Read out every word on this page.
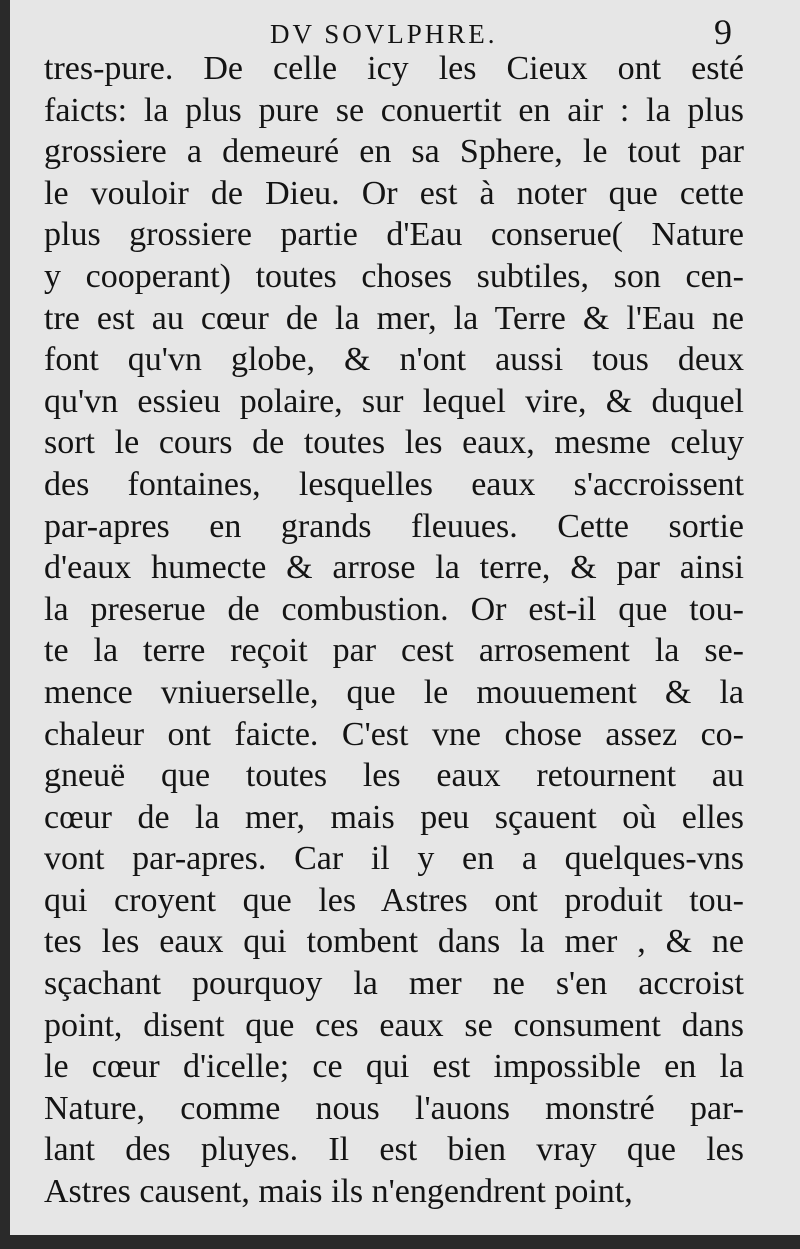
DV SOVLPHRE.	9
tres-pure. De celle icy les Cieux ont esté
faicts: la plus pure se conuertit en air : la plus
grossiere a demeuré en sa Sphere, le tout par
le vouloir de Dieu. Or est à noter que cette
plus grossiere partie d'Eau conserue( Nature
y cooperant) toutes choses subtiles, son cen-
tre est au cœur de la mer, la Terre & l'Eau ne
font qu'vn globe, & n'ont aussi tous deux
qu'vn essieu polaire, sur lequel vire, & duquel
sort le cours de toutes les eaux, mesme celuy
des fontaines, lesquelles eaux s'accroissent
par-apres en grands fleuues. Cette sortie
d'eaux humecte & arrose la terre, & par ainsi
la preserue de combustion. Or est-il que tou-
te la terre reçoit par cest arrosement la se-
mence vniuerselle, que le mouuement & la
chaleur ont faicte. C'est vne chose assez co-
gneuë que toutes les eaux retournent au
cœur de la mer, mais peu sçauent où elles
vont par-apres. Car il y en a quelques-vns
qui croyent que les Astres ont produit tou-
tes les eaux qui tombent dans la mer , & ne
sçachant pourquoy la mer ne s'en accroist
point, disent que ces eaux se consument dans
le cœur d'icelle; ce qui est impossible en la
Nature, comme nous l'auons monstré par-
lant des pluyes. Il est bien vray que les
Astres causent, mais ils n'engendrent point,
